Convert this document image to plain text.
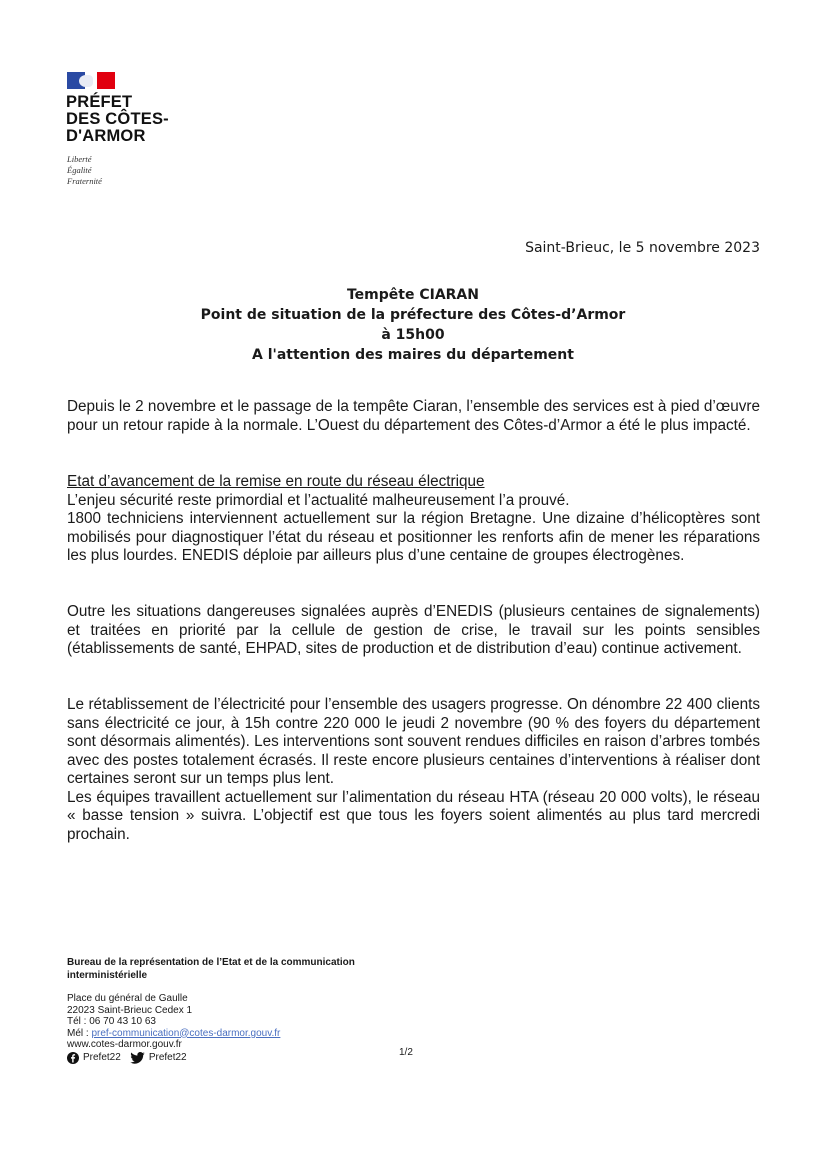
PRÉFET
DES CÔTES-
D'ARMOR
Liberté
Égalité
Fraternité
Saint-Brieuc, le 5 novembre 2023
Tempête CIARAN
Point de situation de la préfecture des Côtes-d’Armor
à 15h00
A l'attention des maires du département

Depuis le 2 novembre et le passage de la tempête Ciaran, l’ensemble des services est à pied d’œuvre pour un retour rapide à la normale. L’Ouest du département des Côtes-d’Armor a été le plus impacté.

Etat d’avancement de la remise en route du réseau électrique

L’enjeu sécurité reste primordial et l’actualité malheureusement l’a prouvé.

1800 techniciens interviennent actuellement sur la région Bretagne. Une dizaine d’hélicoptères sont mobilisés pour diagnostiquer l’état du réseau et positionner les renforts afin de mener les réparations les plus lourdes. ENEDIS déploie par ailleurs plus d’une centaine de groupes électrogènes.

Outre les situations dangereuses signalées auprès d’ENEDIS (plusieurs centaines de signalements) et traitées en priorité par la cellule de gestion de crise, le travail sur les points sensibles (établissements de santé, EHPAD, sites de production et de distribution d’eau) continue activement.

Le rétablissement de l’électricité pour l’ensemble des usagers progresse. On dénombre 22 400 clients sans électricité ce jour, à 15h contre 220 000 le jeudi 2 novembre (90 % des foyers du département sont désormais alimentés). Les interventions sont souvent rendues difficiles en raison d’arbres tombés avec des postes totalement écrasés. Il reste encore plusieurs centaines d’interventions à réaliser dont certaines seront sur un temps plus lent.

Les équipes travaillent actuellement sur l’alimentation du réseau HTA (réseau 20 000 volts), le réseau « basse tension » suivra. L’objectif est que tous les foyers soient alimentés au plus tard mercredi prochain.

Bureau de la représentation de l’Etat et de la communication interministérielle
Place du général de Gaulle
22023 Saint-Brieuc Cedex 1
Tél : 06 70 43 10 63
Mél : pref-communication@cotes-darmor.gouv.fr
www.cotes-darmor.gouv.fr
Prefet22	Prefet22	1/2
